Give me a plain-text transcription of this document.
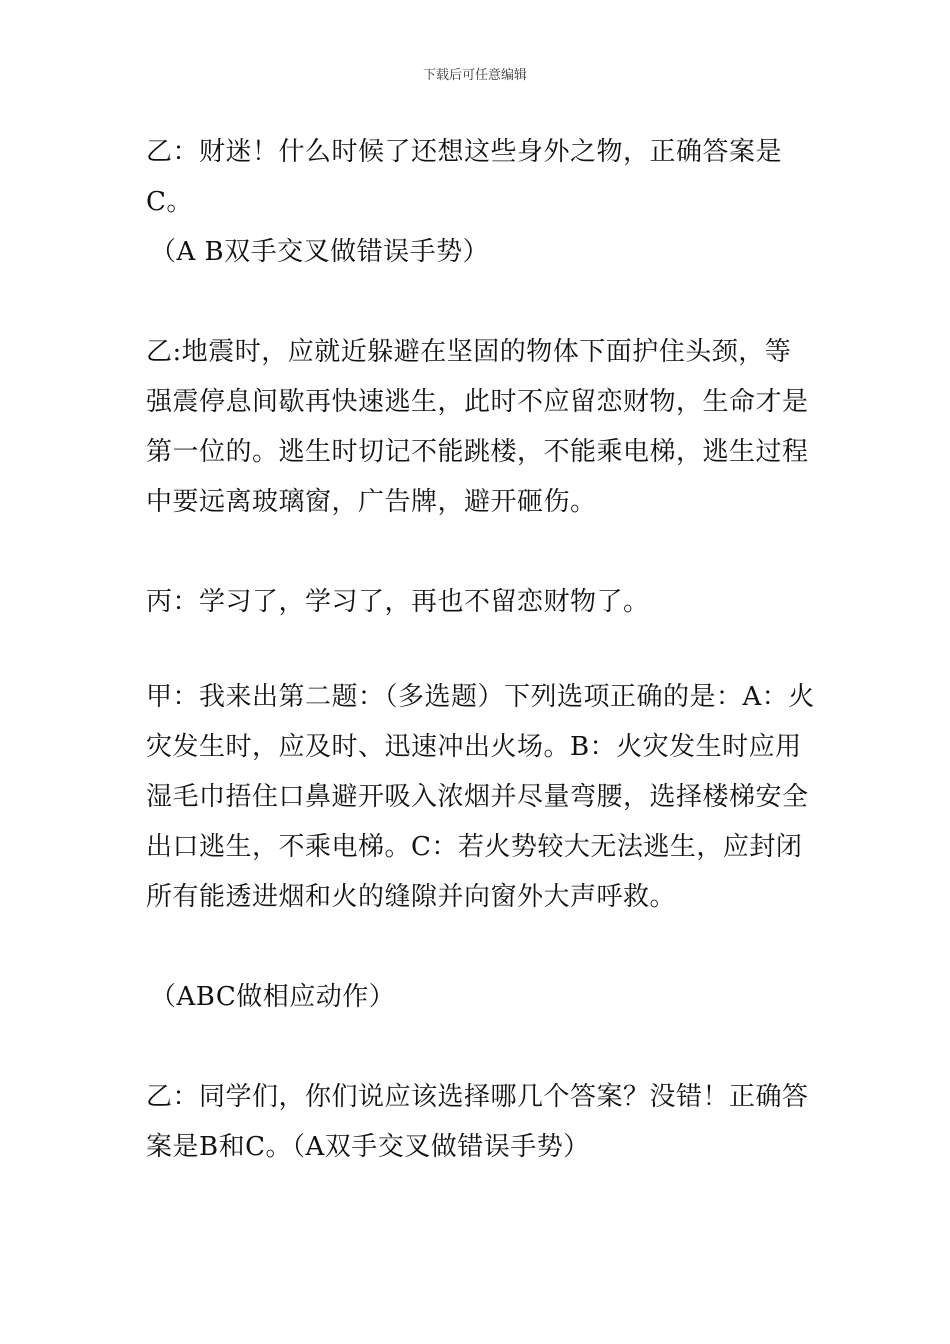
下载后可任意编辑
乙：财迷！什么时候了还想这些身外之物，正确答案是C。
（A B双手交叉做错误手势）
乙:地震时，应就近躲避在坚固的物体下面护住头颈，等强震停息间歇再快速逃生，此时不应留恋财物，生命才是第一位的。逃生时切记不能跳楼，不能乘电梯，逃生过程中要远离玻璃窗，广告牌，避开砸伤。
丙：学习了，学习了，再也不留恋财物了。
甲：我来出第二题：（多选题）下列选项正确的是：A：火灾发生时，应及时、迅速冲出火场。B：火灾发生时应用湿毛巾捂住口鼻避开吸入浓烟并尽量弯腰，选择楼梯安全出口逃生，不乘电梯。C：若火势较大无法逃生，应封闭所有能透进烟和火的缝隙并向窗外大声呼救。
（ABC做相应动作）
乙：同学们，你们说应该选择哪几个答案？没错！正确答案是B和C。（A双手交叉做错误手势）
